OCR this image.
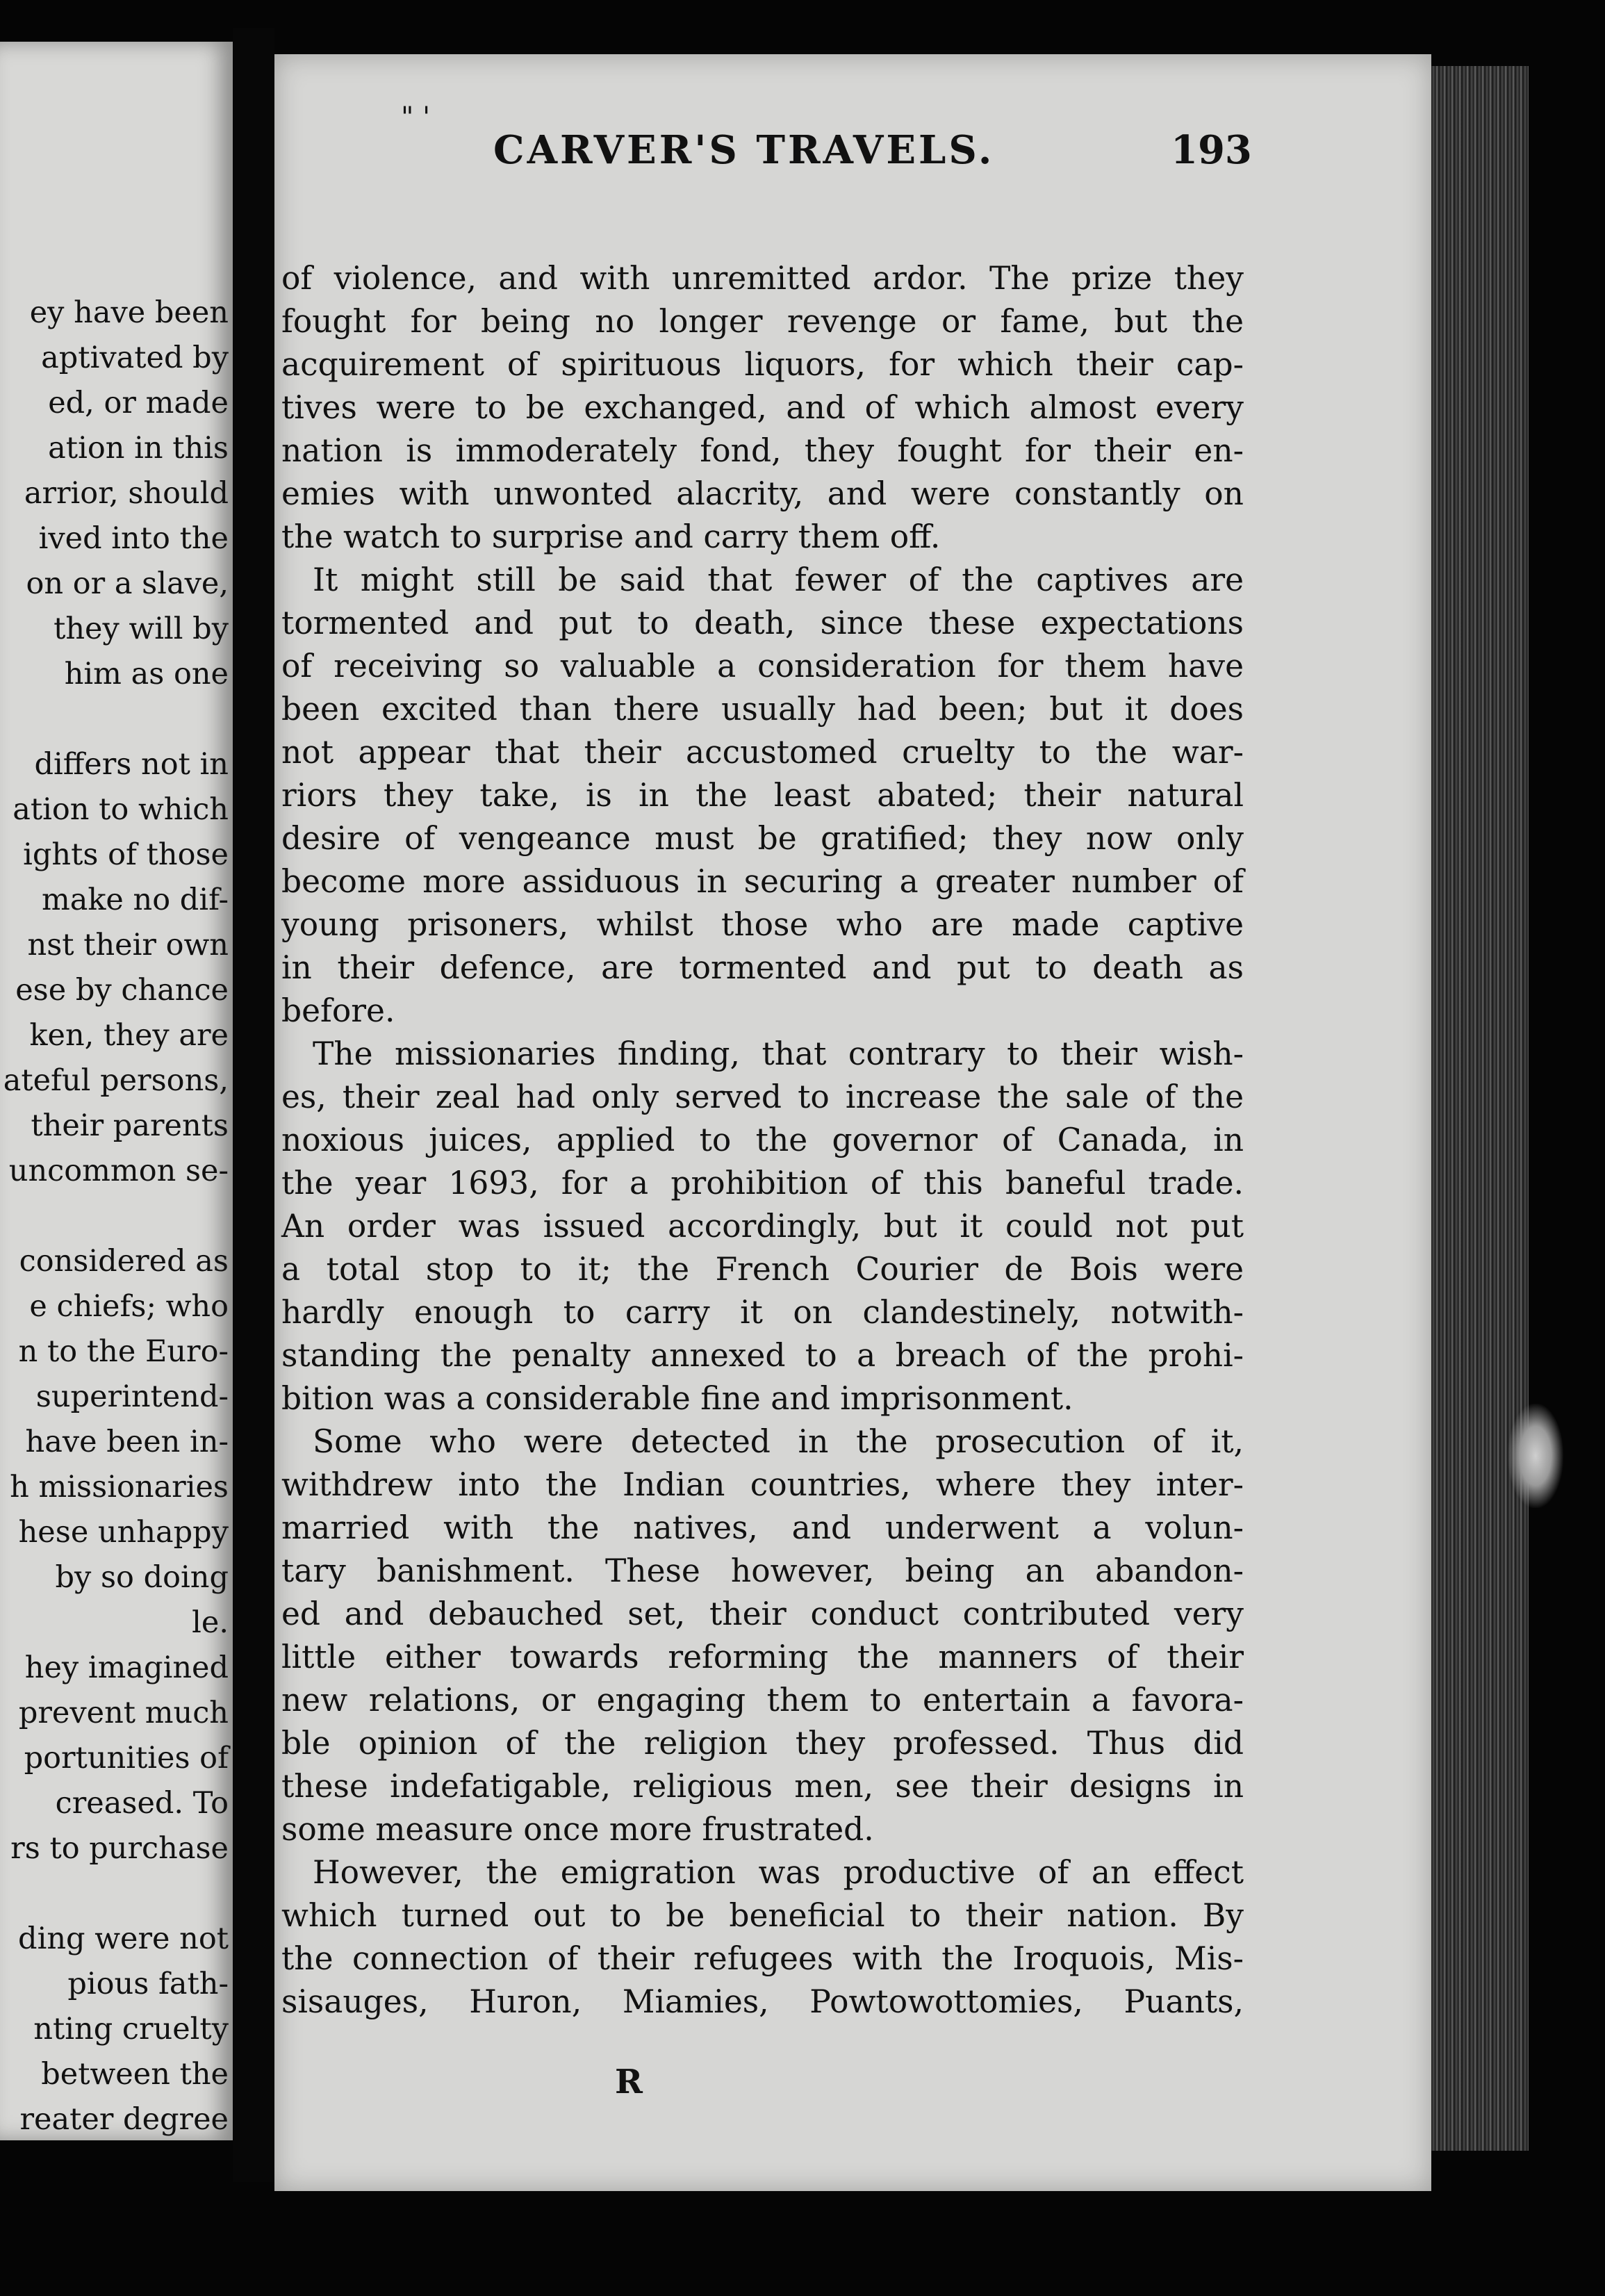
ey have been
aptivated by
ed, or made
ation in this
arrior, should
ived into the
on or a slave,
they will by
him as one
differs not in
ation to which
ights of those
make no dif-
nst their own
ese by chance
ken, they are
ateful persons,
their parents
uncommon se-
considered as
e chiefs; who
n to the Euro-
superintend-
have been in-
h missionaries
hese unhappy
by so doing
le.
hey imagined
prevent much
portunities of
creased. To
rs to purchase
ding were not
pious fath-
nting cruelty
between the
reater degree
" '
CARVER'S TRAVELS.	193
of violence, and with unremitted ardor. The prize they
fought for being no longer revenge or fame, but the
acquirement of spirituous liquors, for which their cap-
tives were to be exchanged, and of which almost every
nation is immoderately fond, they fought for their en-
emies with unwonted alacrity, and were constantly on
the watch to surprise and carry them off.
It might still be said that fewer of the captives are
tormented and put to death, since these expectations
of receiving so valuable a consideration for them have
been excited than there usually had been; but it does
not appear that their accustomed cruelty to the war-
riors they take, is in the least abated; their natural
desire of vengeance must be gratified; they now only
become more assiduous in securing a greater number of
young prisoners, whilst those who are made captive
in their defence, are tormented and put to death as
before.
The missionaries finding, that contrary to their wish-
es, their zeal had only served to increase the sale of the
noxious juices, applied to the governor of Canada, in
the year 1693, for a prohibition of this baneful trade.
An order was issued accordingly, but it could not put
a total stop to it; the French Courier de Bois were
hardly enough to carry it on clandestinely, notwith-
standing the penalty annexed to a breach of the prohi-
bition was a considerable fine and imprisonment.
Some who were detected in the prosecution of it,
withdrew into the Indian countries, where they inter-
married with the natives, and underwent a volun-
tary banishment. These however, being an abandon-
ed and debauched set, their conduct contributed very
little either towards reforming the manners of their
new relations, or engaging them to entertain a favora-
ble opinion of the religion they professed. Thus did
these indefatigable, religious men, see their designs in
some measure once more frustrated.
However, the emigration was productive of an effect
which turned out to be beneficial to their nation. By
the connection of their refugees with the Iroquois, Mis-
sisauges, Huron, Miamies, Powtowottomies, Puants,
R
